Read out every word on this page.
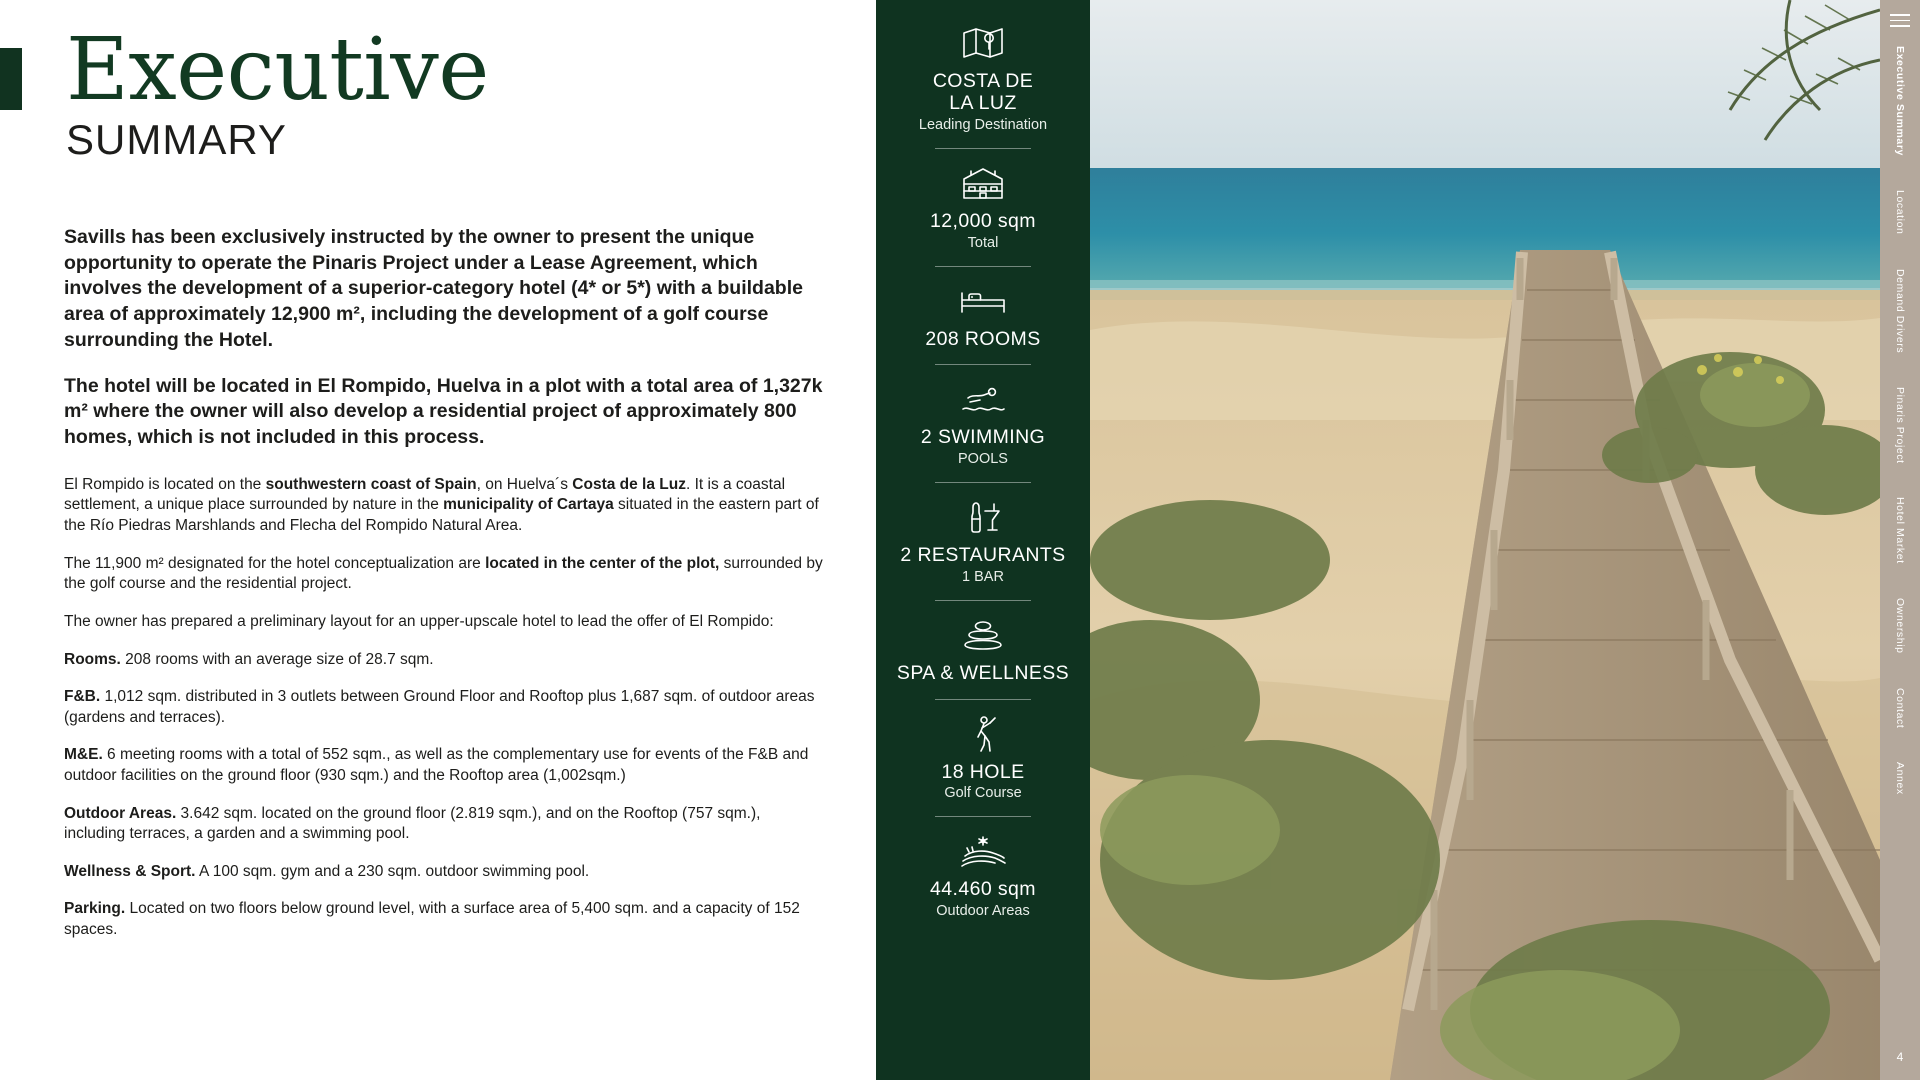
Executive
SUMMARY

Savills has been exclusively instructed by the owner to present the unique opportunity to operate the Pinaris Project under a Lease Agreement, which involves the development of a superior-category hotel (4* or 5*) with a buildable area of approximately 12,900 m², including the development of a golf course surrounding the Hotel.

The hotel will be located in El Rompido, Huelva in a plot with a total area of 1,327k m² where the owner will also develop a residential project of approximately 800 homes, which is not included in this process.

El Rompido is located on the southwestern coast of Spain, on Huelva´s Costa de la Luz. It is a coastal settlement, a unique place surrounded by nature in the municipality of Cartaya situated in the eastern part of the Río Piedras Marshlands and Flecha del Rompido Natural Area.

The 11,900 m² designated for the hotel conceptualization are located in the center of the plot, surrounded by the golf course and the residential project.

The owner has prepared a preliminary layout for an upper-upscale hotel to lead the offer of El Rompido:

Rooms. 208 rooms with an average size of 28.7 sqm.

F&B. 1,012 sqm. distributed in 3 outlets between Ground Floor and Rooftop plus 1,687 sqm. of outdoor areas (gardens and terraces).

M&E. 6 meeting rooms with a total of 552 sqm., as well as the complementary use for events of the F&B and outdoor facilities on the ground floor (930 sqm.) and the Rooftop area (1,002sqm.)

Outdoor Areas. 3.642 sqm. located on the ground floor (2.819 sqm.), and on the Rooftop (757 sqm.), including terraces, a garden and a swimming pool.

Wellness & Sport. A 100 sqm. gym and a 230 sqm. outdoor swimming pool.

Parking. Located on two floors below ground level, with a surface area of 5,400 sqm. and a capacity of 152 spaces.

COSTA DE
LA LUZ
Leading Destination
12,000 sqm
Total
208 ROOMS
2 SWIMMING
POOLS
2 RESTAURANTS
1 BAR
SPA & WELLNESS
18 HOLE
Golf Course
44.460 sqm
Outdoor Areas
Executive Summary
Location
Demand Drivers
Pinaris Project
Hotel Market
Ownership
Contact
Annex
4
